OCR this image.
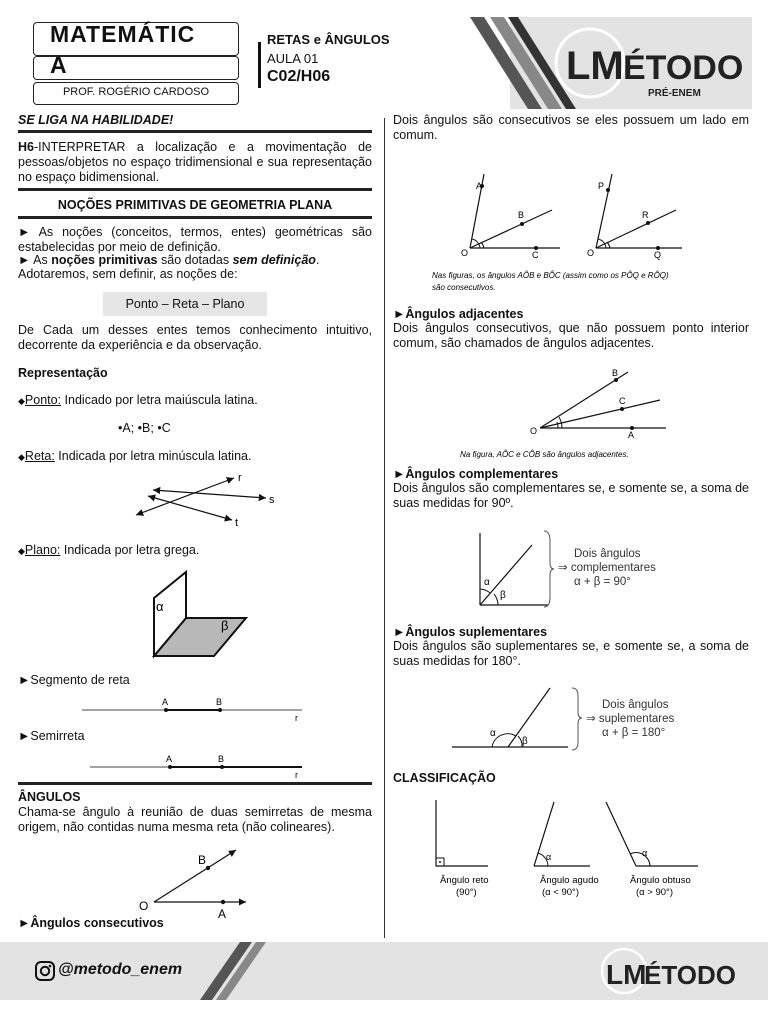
MATEMÁTIC
A
PROF. ROGÉRIO CARDOSO
RETAS e ÂNGULOS
AULA 01
C02/H06	LM ÉTODO
PRÉ-ENEM
SE LIGA NA HABILIDADE!
H6-INTERPRETAR a localização e a movimentação de pessoas/objetos no espaço tridimensional e sua representação no espaço bidimensional.
NOÇÕES PRIMITIVAS DE GEOMETRIA PLANA
► As noções (conceitos, termos, entes) geométricas são estabelecidas por meio de definição.
► As noções primitivas são dotadas sem definição.
Adotaremos, sem definir, as noções de:
Ponto – Reta – Plano
De Cada um desses entes temos conhecimento intuitivo, decorrente da experiência e da observação.
Representação
◆Ponto: Indicado por letra maiúscula latina.
•A; •B; •C
◆Reta: Indicada por letra minúscula latina.
r
s
t
◆Plano: Indicada por letra grega.
α
β
►Segmento de reta
A	B
r
►Semirreta
A	B
r
ÂNGULOS
Chama-se ângulo à reunião de duas semirretas de mesma origem, não contidas numa mesma reta (não colineares).
B
O
A
►Ângulos consecutivos
Dois ângulos são consecutivos se eles possuem um lado em comum.
A
B
C
O
P
R
Q
O
Nas figuras, os ângulos AÔB e BÔC (assim como os PÔQ e RÔQ)
são consecutivos.
►Ângulos adjacentes
Dois ângulos consecutivos, que não possuem ponto interior comum, são chamados de ângulos adjacentes.
B
C
A
O
Na figura, AÔC e CÔB são ângulos adjacentes.
►Ângulos complementares
Dois ângulos são complementares se, e somente se, a soma de suas medidas for 90º.
α
β
Dois ângulos
⇒ complementares
α + β = 90°
►Ângulos suplementares
Dois ângulos são suplementares se, e somente se, a soma de suas medidas for 180°.
α
β
Dois ângulos
⇒ suplementares
α + β = 180°
CLASSIFICAÇÃO
Ângulo reto
(90°)
α
Ângulo agudo
(α < 90°)
α
Ângulo obtuso
(α > 90°)
@metodo_enem	LM
ÉTODO
